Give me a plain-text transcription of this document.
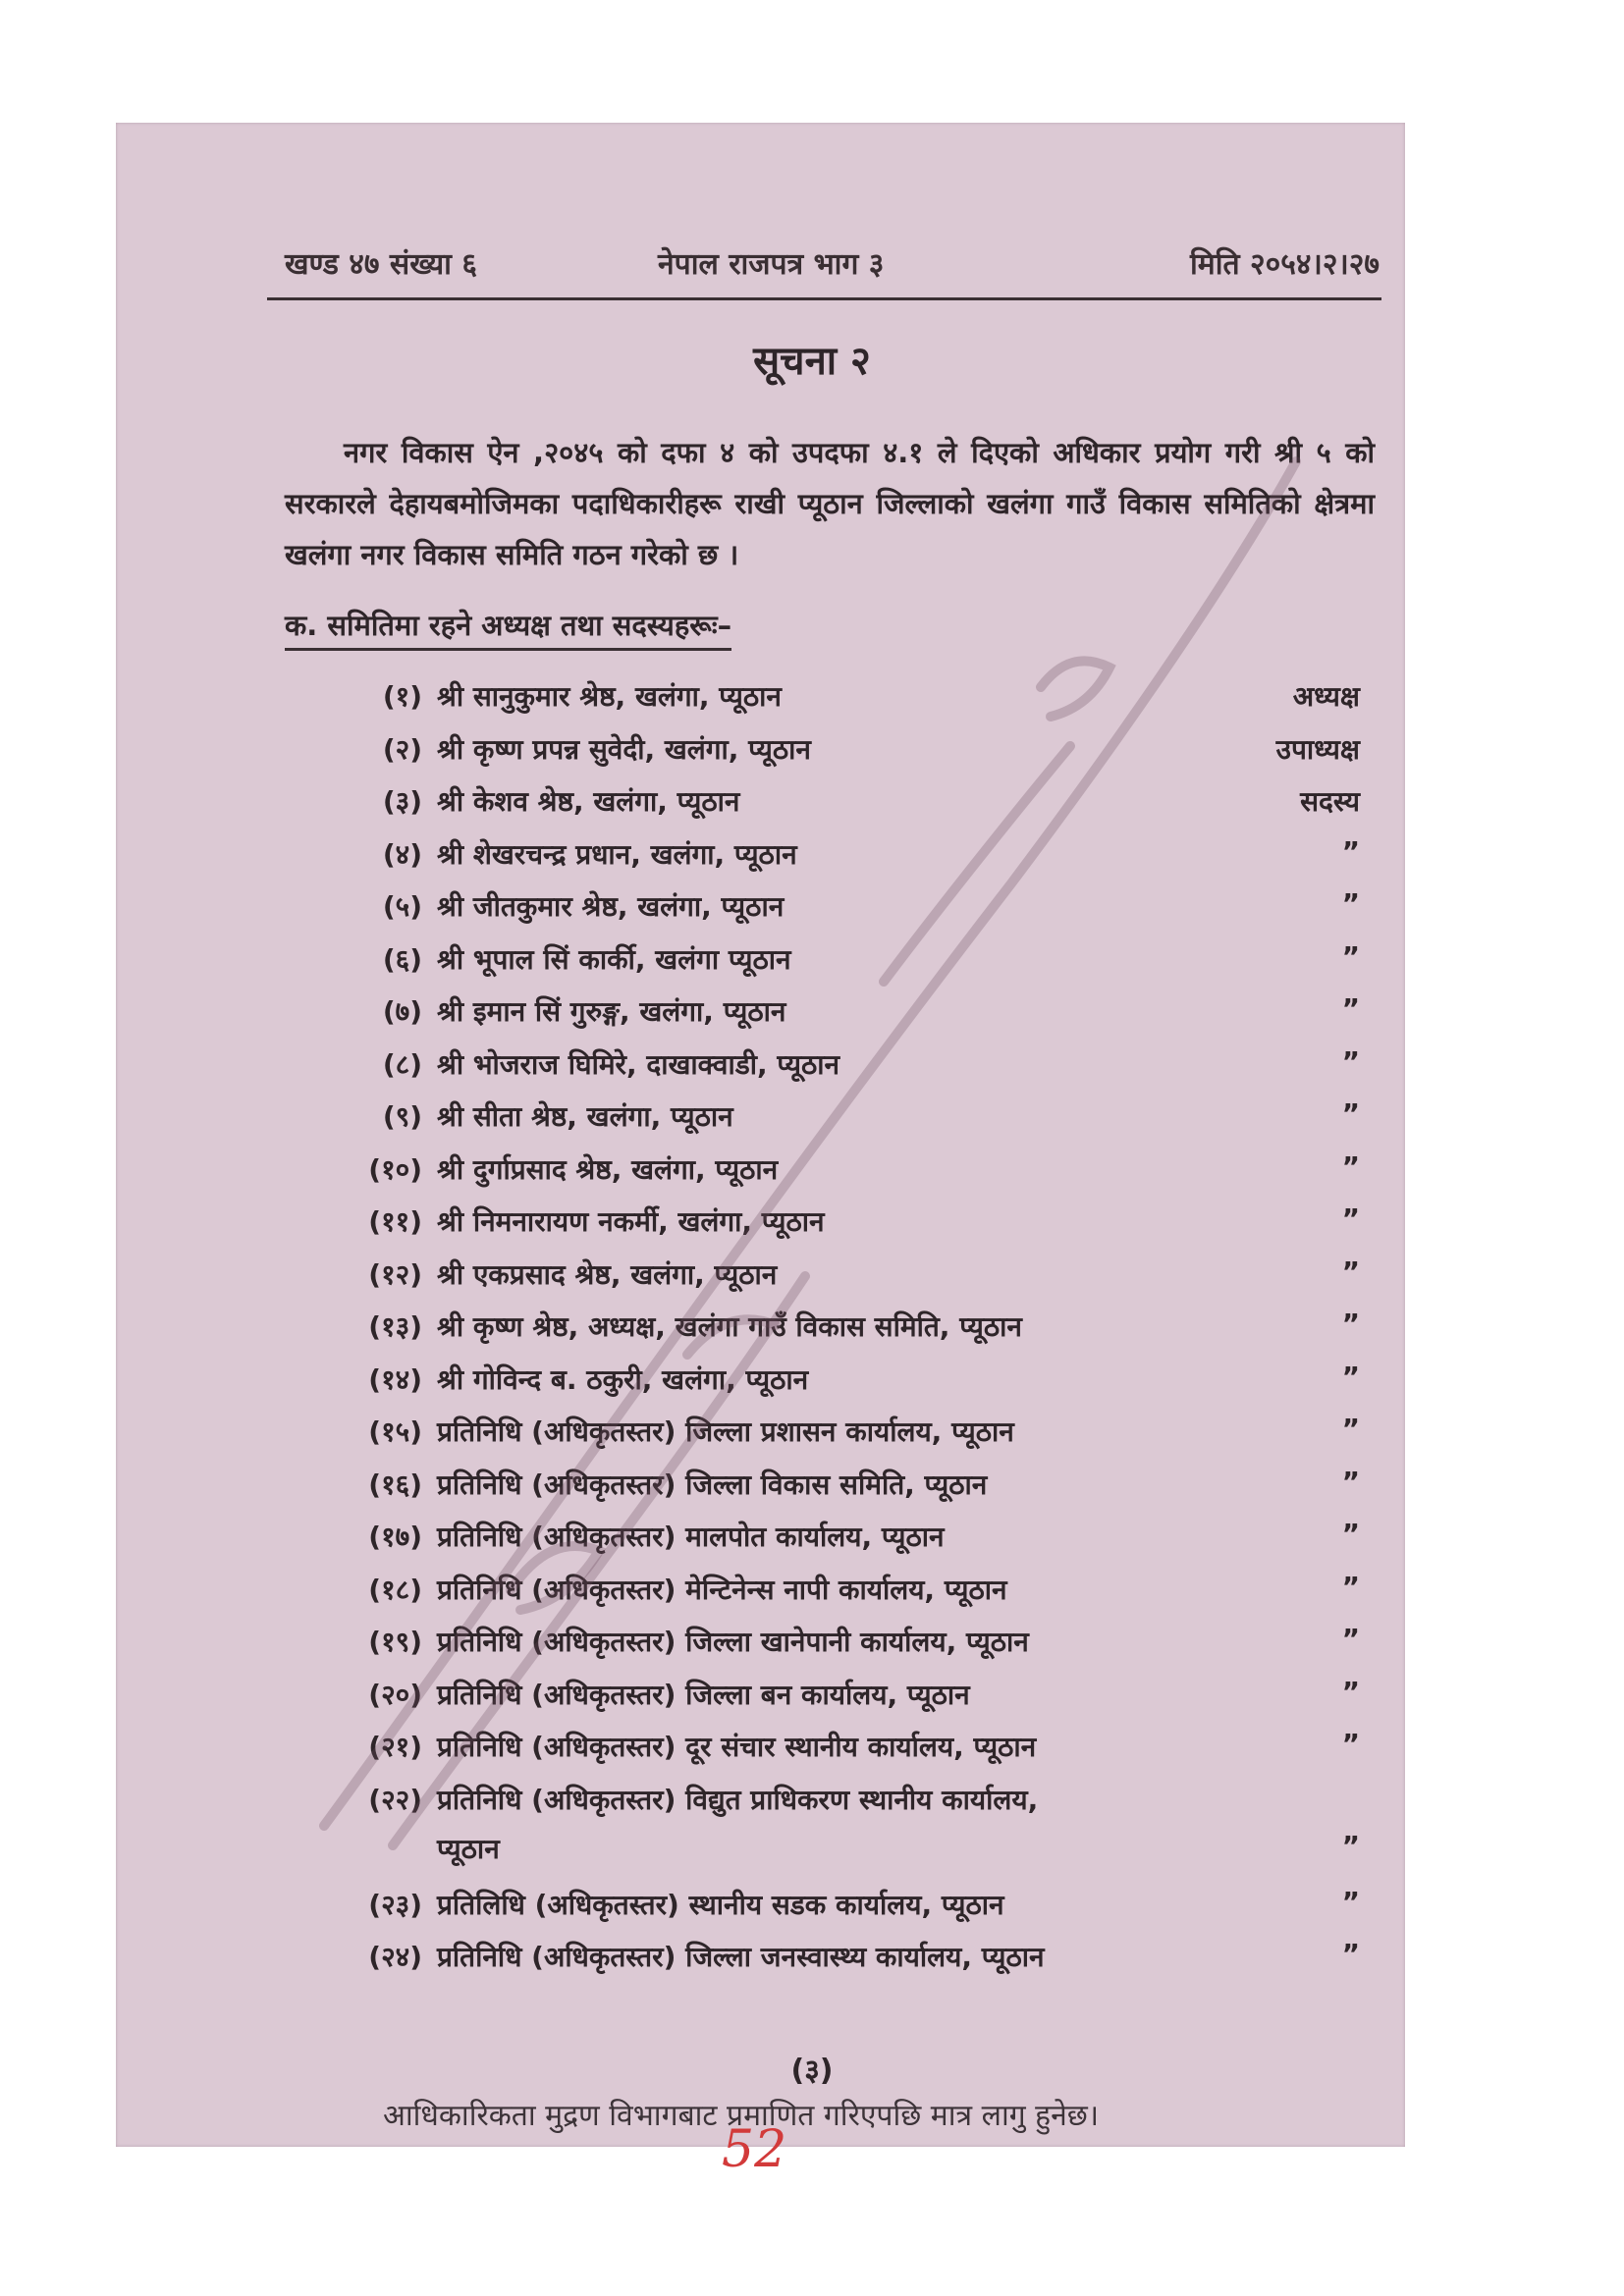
खण्ड ४७ संख्या ६	नेपाल राजपत्र भाग ३	मिति २०५४।२।२७
सूचना २
नगर विकास ऐन ,२०४५ को दफा ४ को उपदफा ४.१ ले दिएको अधिकार प्रयोग गरी श्री ५ को सरकारले देहायबमोजिमका पदाधिकारीहरू राखी प्यूठान जिल्लाको खलंगा गाउँ विकास समितिको क्षेत्रमा खलंगा नगर विकास समिति गठन गरेको छ ।
क. समितिमा रहने अध्यक्ष तथा सदस्यहरूः–
(१) श्री सानुकुमार श्रेष्ठ, खलंगा, प्यूठान	अध्यक्ष
(२) श्री कृष्ण प्रपन्न सुवेदी, खलंगा, प्यूठान	उपाध्यक्ष
(३) श्री केशव श्रेष्ठ, खलंगा, प्यूठान	सदस्य
(४) श्री शेखरचन्द्र प्रधान, खलंगा, प्यूठान	”
(५) श्री जीतकुमार श्रेष्ठ, खलंगा, प्यूठान	”
(६) श्री भूपाल सिं कार्की, खलंगा प्यूठान	”
(७) श्री इमान सिं गुरुङ्ग, खलंगा, प्यूठान	”
(८) श्री भोजराज घिमिरे, दाखाक्वाडी, प्यूठान	”
(९) श्री सीता श्रेष्ठ, खलंगा, प्यूठान	”
(१०) श्री दुर्गाप्रसाद श्रेष्ठ, खलंगा, प्यूठान	”
(११) श्री निमनारायण नकर्मी, खलंगा, प्यूठान	”
(१२) श्री एकप्रसाद श्रेष्ठ, खलंगा, प्यूठान	”
(१३) श्री कृष्ण श्रेष्ठ, अध्यक्ष, खलंगा गाउँ विकास समिति, प्यूठान	”
(१४) श्री गोविन्द ब. ठकुरी, खलंगा, प्यूठान	”
(१५) प्रतिनिधि (अधिकृतस्तर) जिल्ला प्रशासन कार्यालय, प्यूठान	”
(१६) प्रतिनिधि (अधिकृतस्तर) जिल्ला विकास समिति, प्यूठान	”
(१७) प्रतिनिधि (अधिकृतस्तर) मालपोत कार्यालय, प्यूठान	”
(१८) प्रतिनिधि (अधिकृतस्तर) मेन्टिनेन्स नापी कार्यालय, प्यूठान	”
(१९) प्रतिनिधि (अधिकृतस्तर) जिल्ला खानेपानी कार्यालय, प्यूठान	”
(२०) प्रतिनिधि (अधिकृतस्तर) जिल्ला बन कार्यालय, प्यूठान	”
(२१) प्रतिनिधि (अधिकृतस्तर) दूर संचार स्थानीय कार्यालय, प्यूठान	”
(२२) प्रतिनिधि (अधिकृतस्तर) विद्युत प्राधिकरण स्थानीय कार्यालय,
प्यूठान	”
(२३) प्रतिलिधि (अधिकृतस्तर) स्थानीय सडक कार्यालय, प्यूठान	”
(२४) प्रतिनिधि (अधिकृतस्तर) जिल्ला जनस्वास्थ्य कार्यालय, प्यूठान	”
(३)
आधिकारिकता मुद्रण विभागबाट प्रमाणित गरिएपछि मात्र लागु हुनेछ।
52
